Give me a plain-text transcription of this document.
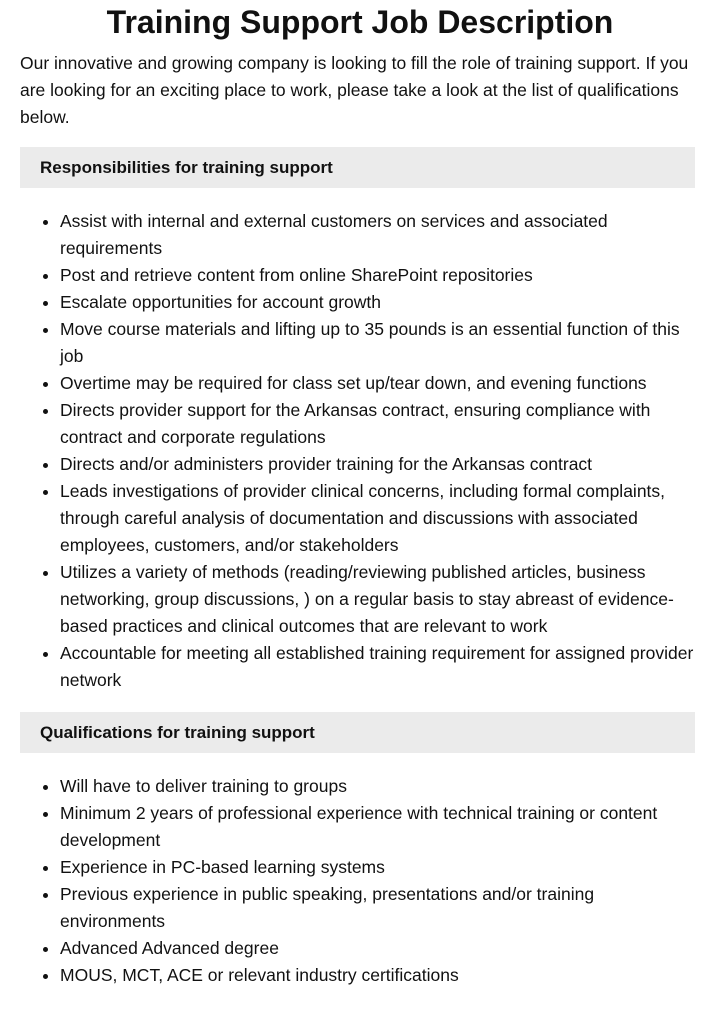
Training Support Job Description

Our innovative and growing company is looking to fill the role of training support. If you are looking for an exciting place to work, please take a look at the list of qualifications below.

Responsibilities for training support
• Assist with internal and external customers on services and associated requirements
• Post and retrieve content from online SharePoint repositories
• Escalate opportunities for account growth
• Move course materials and lifting up to 35 pounds is an essential function of this job
• Overtime may be required for class set up/tear down, and evening functions
• Directs provider support for the Arkansas contract, ensuring compliance with contract and corporate regulations
• Directs and/or administers provider training for the Arkansas contract
• Leads investigations of provider clinical concerns, including formal complaints, through careful analysis of documentation and discussions with associated employees, customers, and/or stakeholders
• Utilizes a variety of methods (reading/reviewing published articles, business networking, group discussions, ) on a regular basis to stay abreast of evidence-based practices and clinical outcomes that are relevant to work
• Accountable for meeting all established training requirement for assigned provider network
Qualifications for training support
• Will have to deliver training to groups
• Minimum 2 years of professional experience with technical training or content development
• Experience in PC-based learning systems
• Previous experience in public speaking, presentations and/or training environments
• Advanced Advanced degree
• MOUS, MCT, ACE or relevant industry certifications
